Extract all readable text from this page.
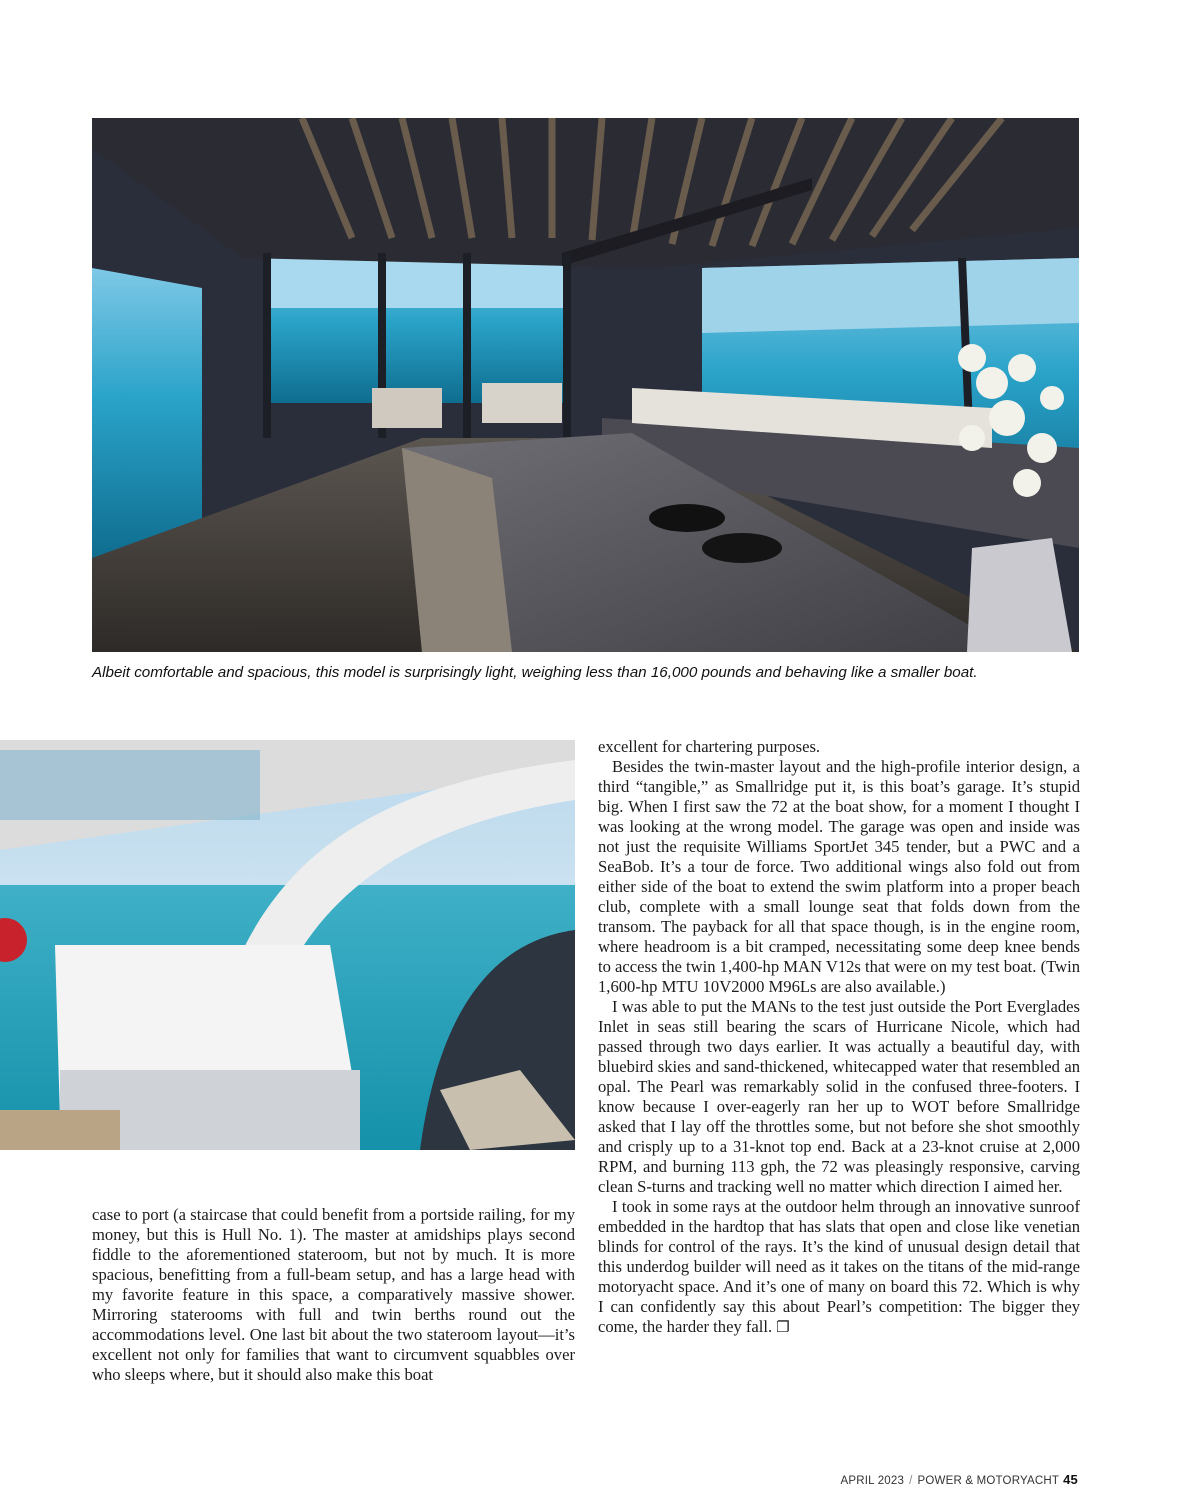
Albeit comfortable and spacious, this model is surprisingly light, weighing less than 16,000 pounds and behaving like a smaller boat.

case to port (a staircase that could benefit from a portside railing, for my money, but this is Hull No. 1). The master at amidships plays second fiddle to the aforementioned stateroom, but not by much. It is more spacious, benefitting from a full-beam setup, and has a large head with my favorite feature in this space, a comparatively massive shower. Mirroring staterooms with full and twin berths round out the accommodations level. One last bit about the two stateroom layout—it’s excellent not only for families that want to circumvent squabbles over who sleeps where, but it should also make this boat

excellent for chartering purposes.

Besides the twin-master layout and the high-profile interior design, a third “tangible,” as Smallridge put it, is this boat’s garage. It’s stupid big. When I first saw the 72 at the boat show, for a moment I thought I was looking at the wrong model. The garage was open and inside was not just the requisite Williams SportJet 345 tender, but a PWC and a SeaBob. It’s a tour de force. Two additional wings also fold out from either side of the boat to extend the swim platform into a proper beach club, complete with a small lounge seat that folds down from the transom. The payback for all that space though, is in the engine room, where headroom is a bit cramped, necessitating some deep knee bends to access the twin 1,400-hp MAN V12s that were on my test boat. (Twin 1,600-hp MTU 10V2000 M96Ls are also available.)

I was able to put the MANs to the test just outside the Port Everglades Inlet in seas still bearing the scars of Hurricane Nicole, which had passed through two days earlier. It was actually a beautiful day, with bluebird skies and sand-thickened, whitecapped water that resembled an opal. The Pearl was remarkably solid in the confused three-footers. I know because I over-eagerly ran her up to WOT before Smallridge asked that I lay off the throttles some, but not before she shot smoothly and crisply up to a 31-knot top end. Back at a 23-knot cruise at 2,000 RPM, and burning 113 gph, the 72 was pleasingly responsive, carving clean S-turns and tracking well no matter which direction I aimed her.

I took in some rays at the outdoor helm through an innovative sunroof embedded in the hardtop that has slats that open and close like venetian blinds for control of the rays. It’s the kind of unusual design detail that this underdog builder will need as it takes on the titans of the mid-range motoryacht space. And it’s one of many on board this 72. Which is why I can confidently say this about Pearl’s competition: The bigger they come, the harder they fall. ❐

APRIL 2023 / POWER & MOTORYACHT 45
